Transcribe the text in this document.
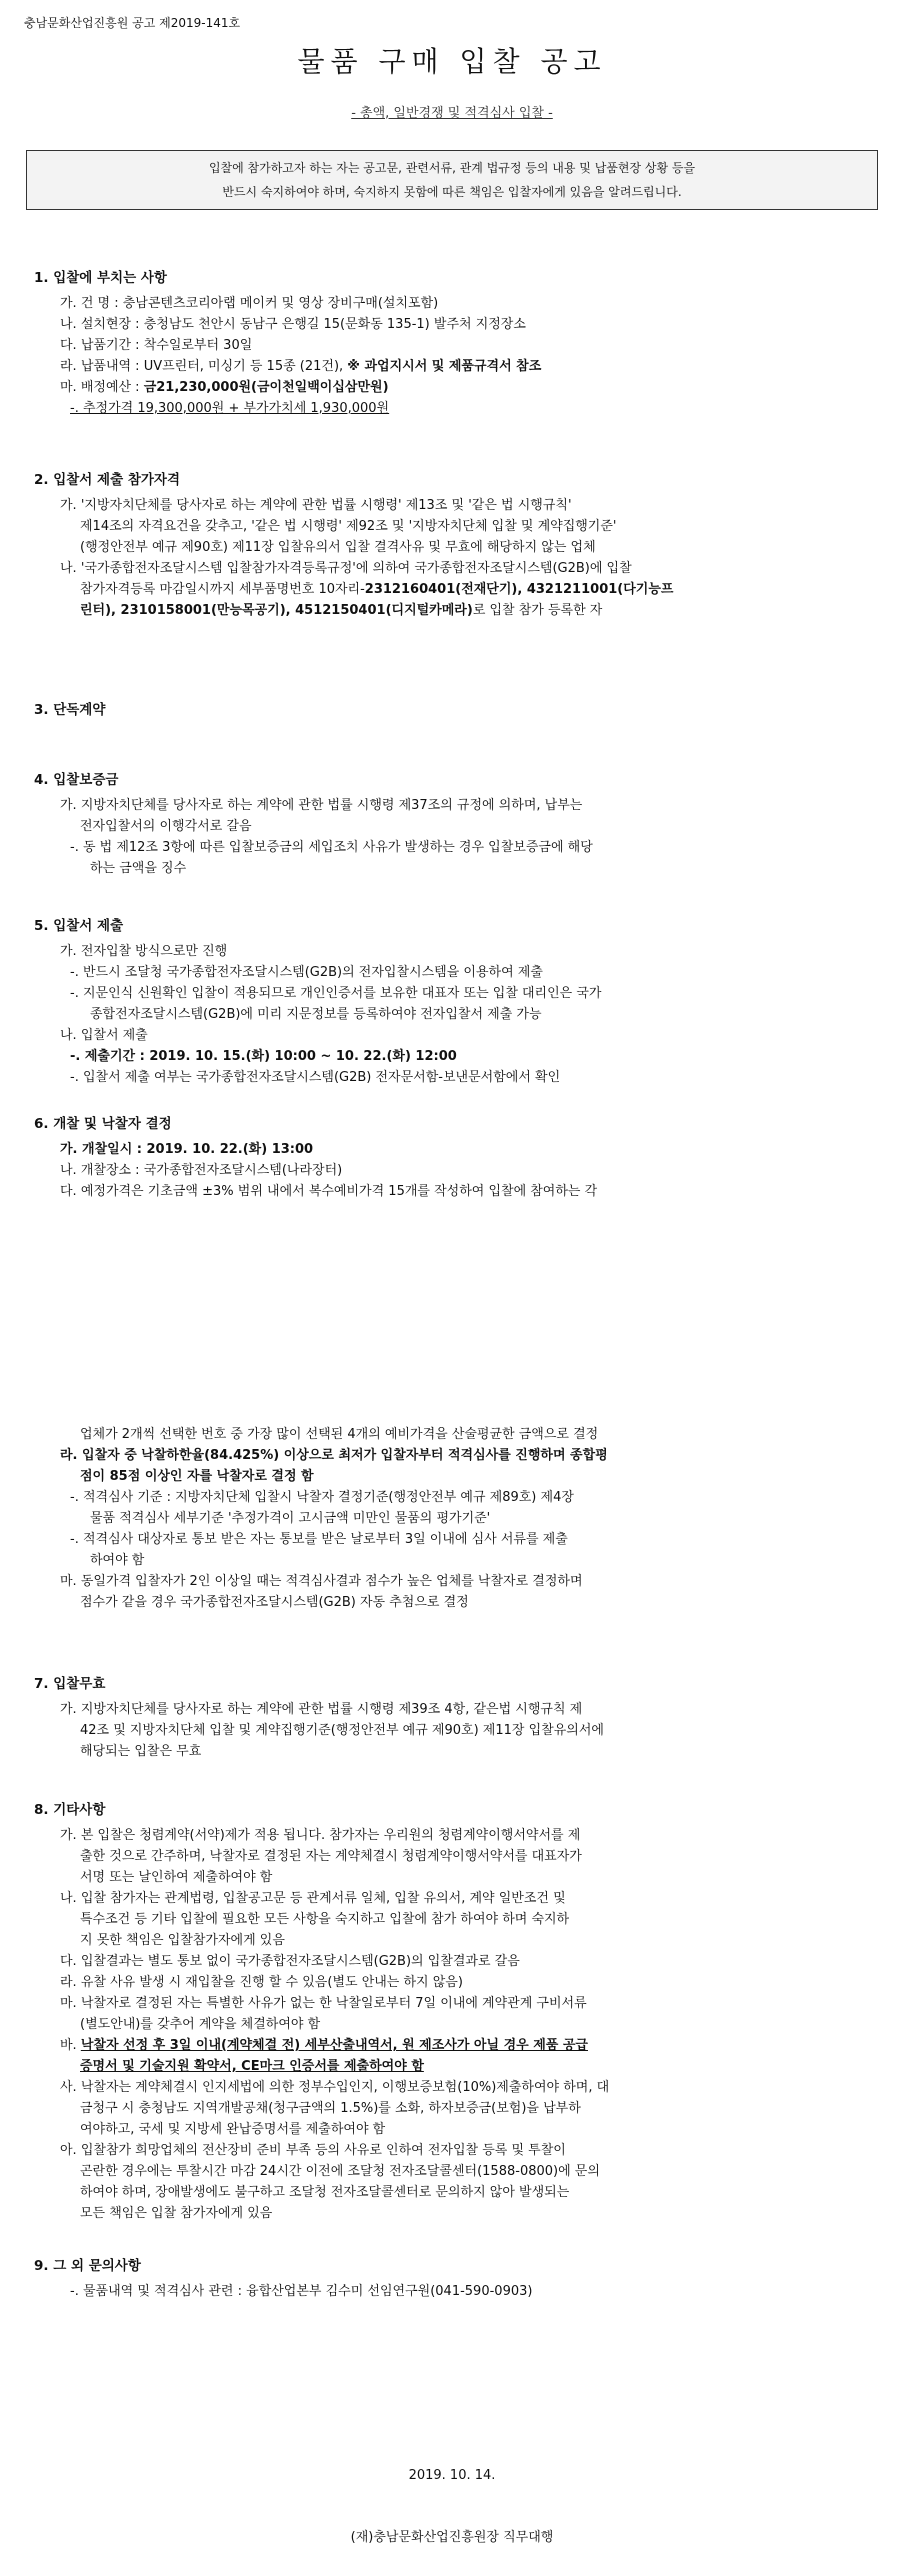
충남문화산업진흥원 공고 제2019-141호
물품 구매 입찰 공고
- 총액, 일반경쟁 및 적격심사 입찰 -
입찰에 참가하고자 하는 자는 공고문, 관련서류, 관계 법규정 등의 내용 및 납품현장 상황 등을
반드시 숙지하여야 하며, 숙지하지 못함에 따른 책임은 입찰자에게 있음을 알려드립니다.
1. 입찰에 부치는 사항
가. 건 명 : 충남콘텐츠코리아랩 메이커 및 영상 장비구매(설치포함)
나. 설치현장 : 충청남도 천안시 동남구 은행길 15(문화동 135-1) 발주처 지정장소
다. 납품기간 : 착수일로부터 30일
라. 납품내역 : UV프린터, 미싱기 등 15종 (21건), ※ 과업지시서 및 제품규격서 참조
마. 배정예산 : 금21,230,000원(금이천일백이십삼만원)
-. 추정가격 19,300,000원 + 부가가치세 1,930,000원
2. 입찰서 제출 참가자격
가. '지방자치단체를 당사자로 하는 계약에 관한 법률 시행령' 제13조 및 '같은 법 시행규칙'
제14조의 자격요건을 갖추고, '같은 법 시행령' 제92조 및 '지방자치단체 입찰 및 계약집행기준'
(행정안전부 예규 제90호) 제11장 입찰유의서 입찰 결격사유 및 무효에 해당하지 않는 업체
나. '국가종합전자조달시스템 입찰참가자격등록규정'에 의하여 국가종합전자조달시스템(G2B)에 입찰
참가자격등록 마감일시까지 세부품명번호 10자리-2312160401(전재단기), 4321211001(다기능프
린터), 2310158001(만능목공기), 4512150401(디지털카메라)로 입찰 참가 등록한 자
3. 단독계약
4. 입찰보증금
가. 지방자치단체를 당사자로 하는 계약에 관한 법률 시행령 제37조의 규정에 의하며, 납부는
전자입찰서의 이행각서로 갈음
-. 동 법 제12조 3항에 따른 입찰보증금의 세입조치 사유가 발생하는 경우 입찰보증금에 해당
하는 금액을 징수
5. 입찰서 제출
가. 전자입찰 방식으로만 진행
-. 반드시 조달청 국가종합전자조달시스템(G2B)의 전자입찰시스템을 이용하여 제출
-. 지문인식 신원확인 입찰이 적용되므로 개인인증서를 보유한 대표자 또는 입찰 대리인은 국가
종합전자조달시스템(G2B)에 미리 지문정보를 등록하여야 전자입찰서 제출 가능
나. 입찰서 제출
-. 제출기간 : 2019. 10. 15.(화) 10:00 ~ 10. 22.(화) 12:00
-. 입찰서 제출 여부는 국가종합전자조달시스템(G2B) 전자문서함-보낸문서함에서 확인
6. 개찰 및 낙찰자 결정
가. 개찰일시 : 2019. 10. 22.(화) 13:00
나. 개찰장소 : 국가종합전자조달시스템(나라장터)
다. 예정가격은 기초금액 ±3% 범위 내에서 복수예비가격 15개를 작성하여 입찰에 참여하는 각
업체가 2개씩 선택한 번호 중 가장 많이 선택된 4개의 예비가격을 산술평균한 금액으로 결정
라. 입찰자 중 낙찰하한율(84.425%) 이상으로 최저가 입찰자부터 적격심사를 진행하며 종합평
점이 85점 이상인 자를 낙찰자로 결정 함
-. 적격심사 기준 : 지방자치단체 입찰시 낙찰자 결정기준(행정안전부 예규 제89호) 제4장
물품 적격심사 세부기준 '추정가격이 고시금액 미만인 물품의 평가기준'
-. 적격심사 대상자로 통보 받은 자는 통보를 받은 날로부터 3일 이내에 심사 서류를 제출
하여야 함
마. 동일가격 입찰자가 2인 이상일 때는 적격심사결과 점수가 높은 업체를 낙찰자로 결정하며
점수가 같을 경우 국가종합전자조달시스템(G2B) 자동 추첨으로 결정
7. 입찰무효
가. 지방자치단체를 당사자로 하는 계약에 관한 법률 시행령 제39조 4항, 같은법 시행규칙 제
42조 및 지방자치단체 입찰 및 계약집행기준(행정안전부 예규 제90호) 제11장 입찰유의서에
해당되는 입찰은 무효
8. 기타사항
가. 본 입찰은 청렴계약(서약)제가 적용 됩니다. 참가자는 우리원의 청렴계약이행서약서를 제
출한 것으로 간주하며, 낙찰자로 결정된 자는 계약체결시 청렴계약이행서약서를 대표자가
서명 또는 날인하여 제출하여야 함
나. 입찰 참가자는 관계법령, 입찰공고문 등 관계서류 일체, 입찰 유의서, 계약 일반조건 및
특수조건 등 기타 입찰에 필요한 모든 사항을 숙지하고 입찰에 참가 하여야 하며 숙지하
지 못한 책임은 입찰참가자에게 있음
다. 입찰결과는 별도 통보 없이 국가종합전자조달시스템(G2B)의 입찰결과로 갈음
라. 유찰 사유 발생 시 재입찰을 진행 할 수 있음(별도 안내는 하지 않음)
마. 낙찰자로 결정된 자는 특별한 사유가 없는 한 낙찰일로부터 7일 이내에 계약관계 구비서류
(별도안내)를 갖추어 계약을 체결하여야 함
바. 낙찰자 선정 후 3일 이내(계약체결 전) 세부산출내역서, 원 제조사가 아닐 경우 제품 공급
증명서 및 기술지원 확약서, CE마크 인증서를 제출하여야 함
사. 낙찰자는 계약체결시 인지세법에 의한 정부수입인지, 이행보증보험(10%)제출하여야 하며, 대
금청구 시 충청남도 지역개발공채(청구금액의 1.5%)를 소화, 하자보증금(보험)을 납부하
여야하고, 국세 및 지방세 완납증명서를 제출하여야 함
아. 입찰참가 희망업체의 전산장비 준비 부족 등의 사유로 인하여 전자입찰 등록 및 투찰이
곤란한 경우에는 투찰시간 마감 24시간 이전에 조달청 전자조달콜센터(1588-0800)에 문의
하여야 하며, 장애발생에도 불구하고 조달청 전자조달콜센터로 문의하지 않아 발생되는
모든 책임은 입찰 참가자에게 있음
9. 그 외 문의사항
-. 물품내역 및 적격심사 관련 : 융합산업본부 김수미 선임연구원(041-590-0903)
2019. 10. 14.
(재)충남문화산업진흥원장 직무대행
